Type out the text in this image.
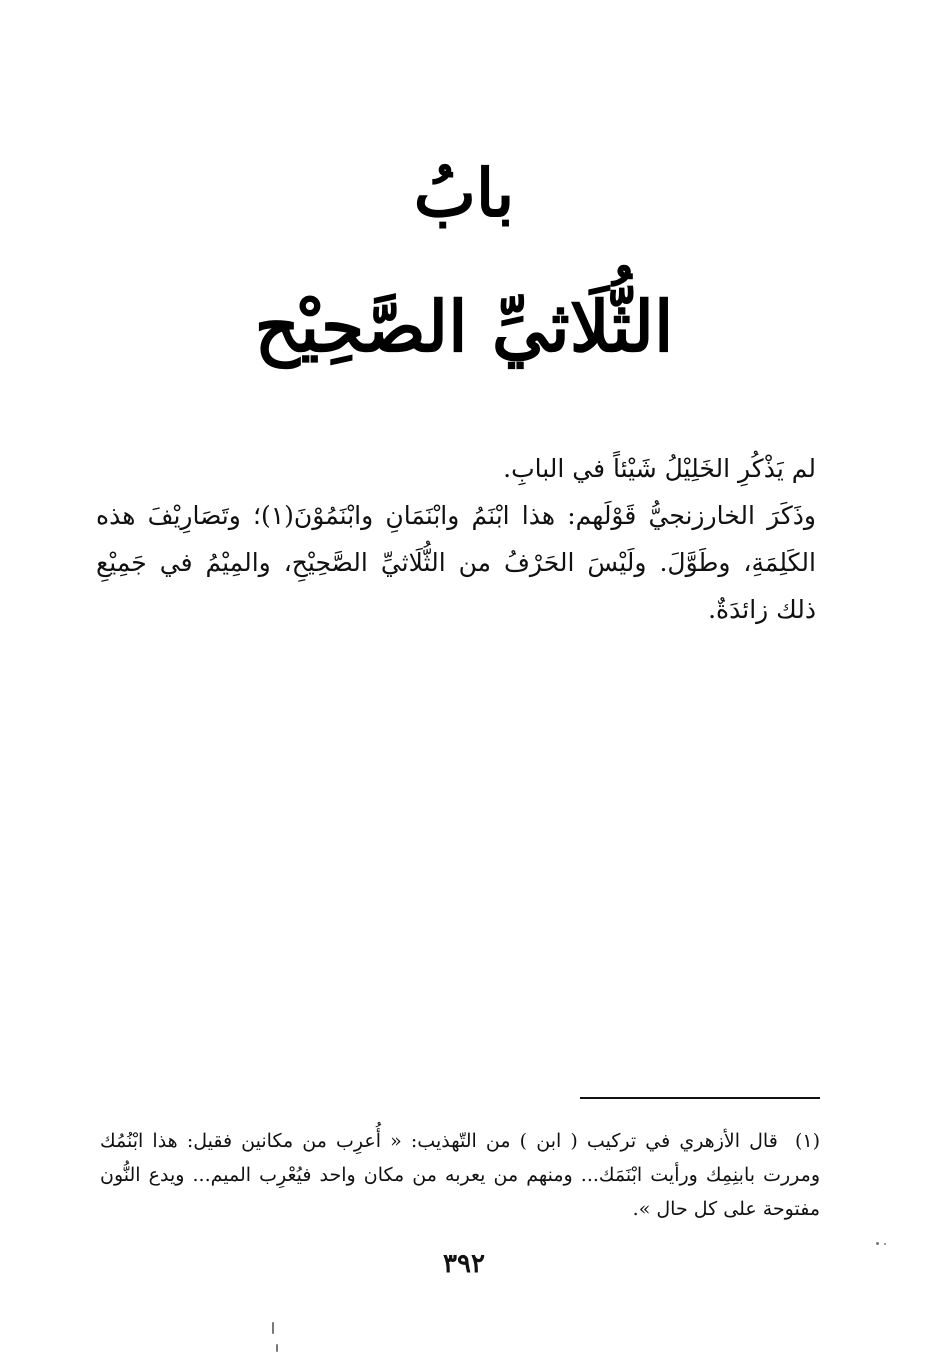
بابُ
الثُّلَاثيِّ الصَّحِيْح

لم يَذْكُرِ الخَلِيْلُ شَيْئاً في البابِ.

وذَكَرَ الخارزنجيُّ قَوْلَهم: هذا ابْنَمُ وابْنَمَانِ وابْنَمُوْنَ(١)؛ وتَصَارِيْفَ هذه الكَلِمَةِ، وطَوَّلَ. ولَيْسَ الحَرْفُ من الثُّلَاثيِّ الصَّحِيْحِ، والمِيْمُ في جَمِيْعِ ذلك زائدَةٌ.

(١) قال الأزهري في تركيب ( ابن ) من التّهذيب: « أُعرِب من مكانين فقيل: هذا ابْنُمُك ومررت بابنِمِك ورأيت ابْنَمَك... ومنهم من يعربه من مكان واحد فيُعْرِب الميم... ويدع النُّون مفتوحة على كل حال ».
٣٩٢
